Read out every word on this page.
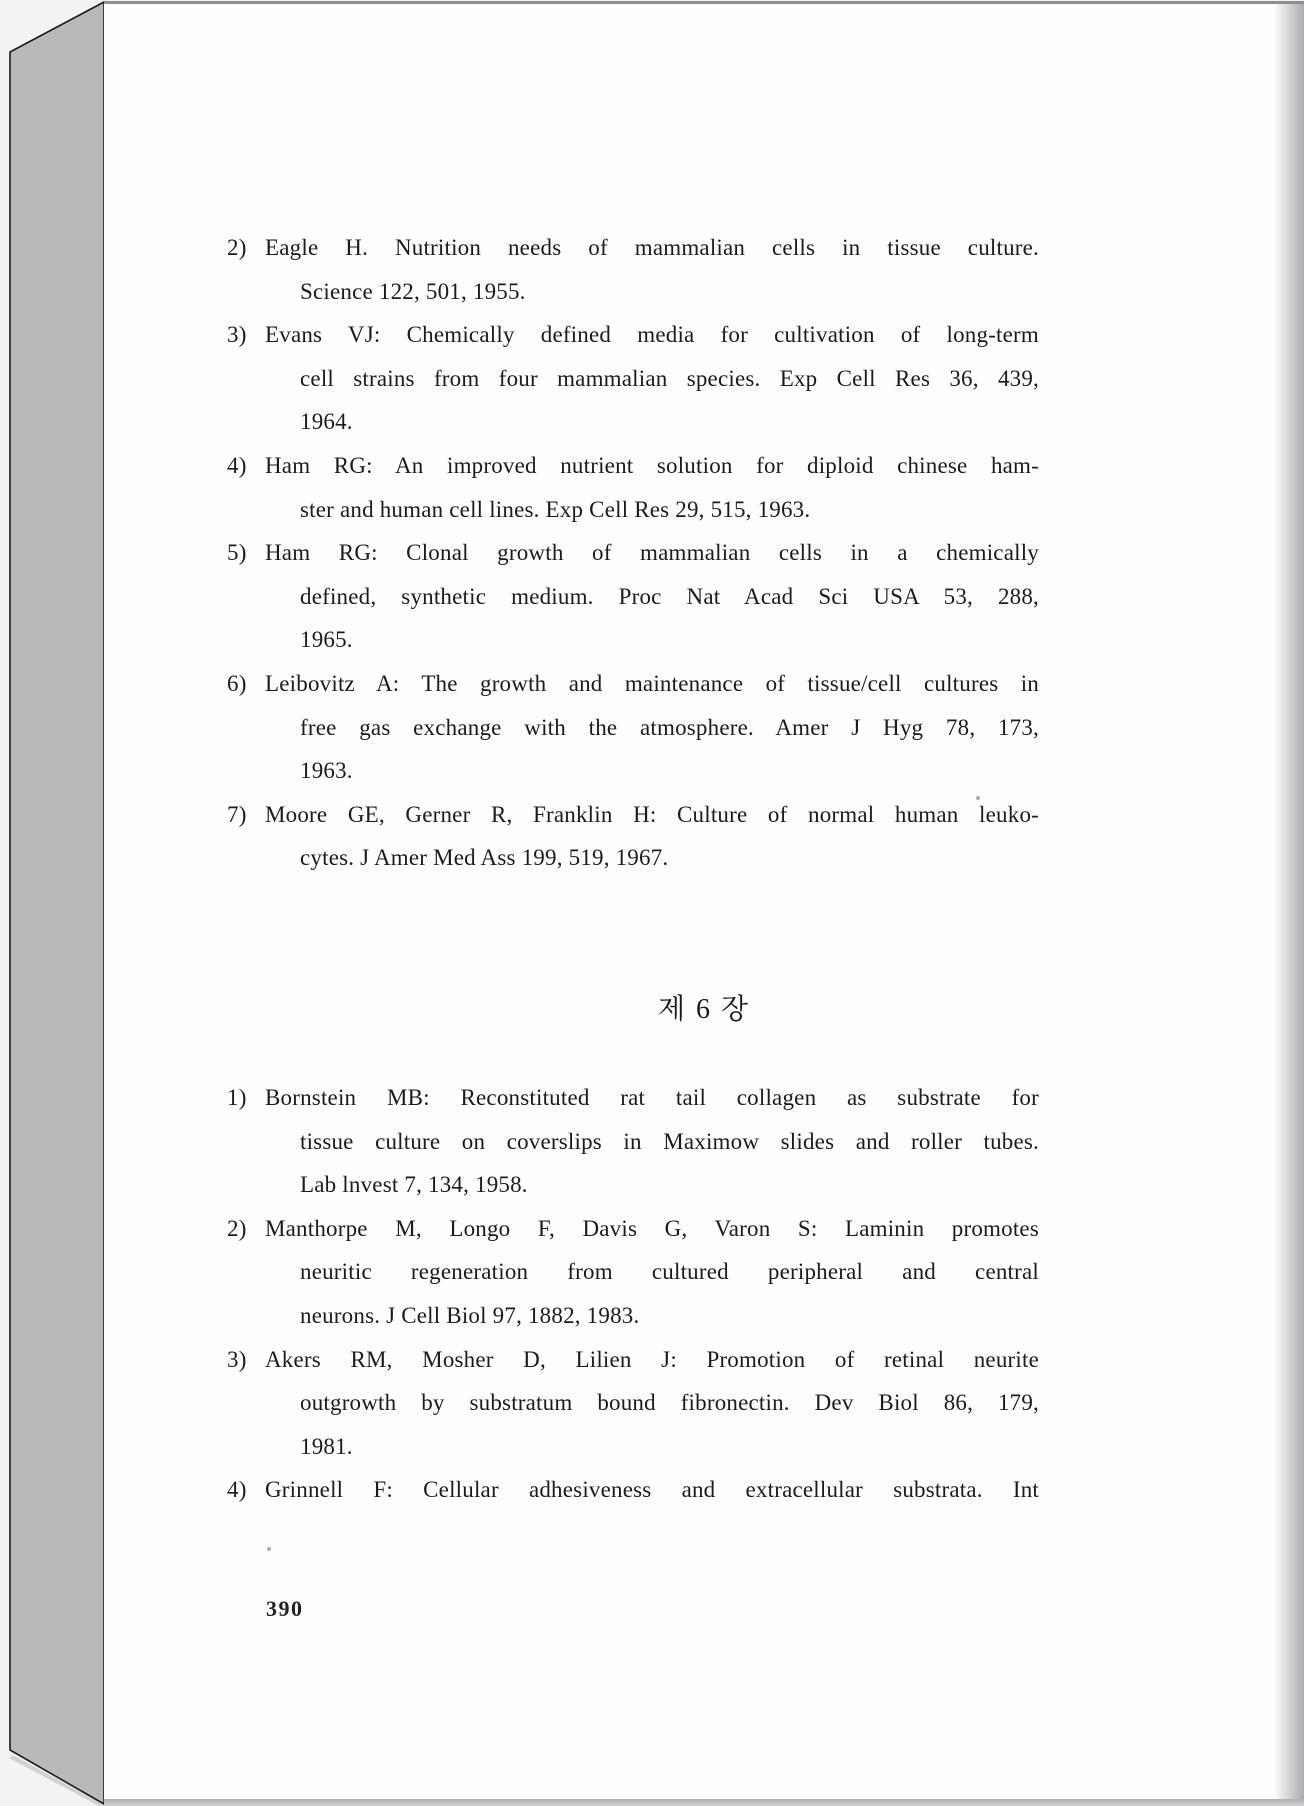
2) Eagle H. Nutrition needs of mammalian cells in tissue culture.
Science 122, 501, 1955.
3) Evans VJ: Chemically defined media for cultivation of long-term
cell strains from four mammalian species. Exp Cell Res 36, 439,
1964.
4) Ham RG: An improved nutrient solution for diploid chinese ham-
ster and human cell lines. Exp Cell Res 29, 515, 1963.
5) Ham RG: Clonal growth of mammalian cells in a chemically
defined, synthetic medium. Proc Nat Acad Sci USA 53, 288,
1965.
6) Leibovitz A: The growth and maintenance of tissue/cell cultures in
free gas exchange with the atmosphere. Amer J Hyg 78, 173,
1963.
7) Moore GE, Gerner R, Franklin H: Culture of normal human leuko-
cytes. J Amer Med Ass 199, 519, 1967.
제 6 장
1) Bornstein MB: Reconstituted rat tail collagen as substrate for
tissue culture on coverslips in Maximow slides and roller tubes.
Lab lnvest 7, 134, 1958.
2) Manthorpe M, Longo F, Davis G, Varon S: Laminin promotes
neuritic regeneration from cultured peripheral and central
neurons. J Cell Biol 97, 1882, 1983.
3) Akers RM, Mosher D, Lilien J: Promotion of retinal neurite
outgrowth by substratum bound fibronectin. Dev Biol 86, 179,
1981.
4) Grinnell F: Cellular adhesiveness and extracellular substrata. Int
390
